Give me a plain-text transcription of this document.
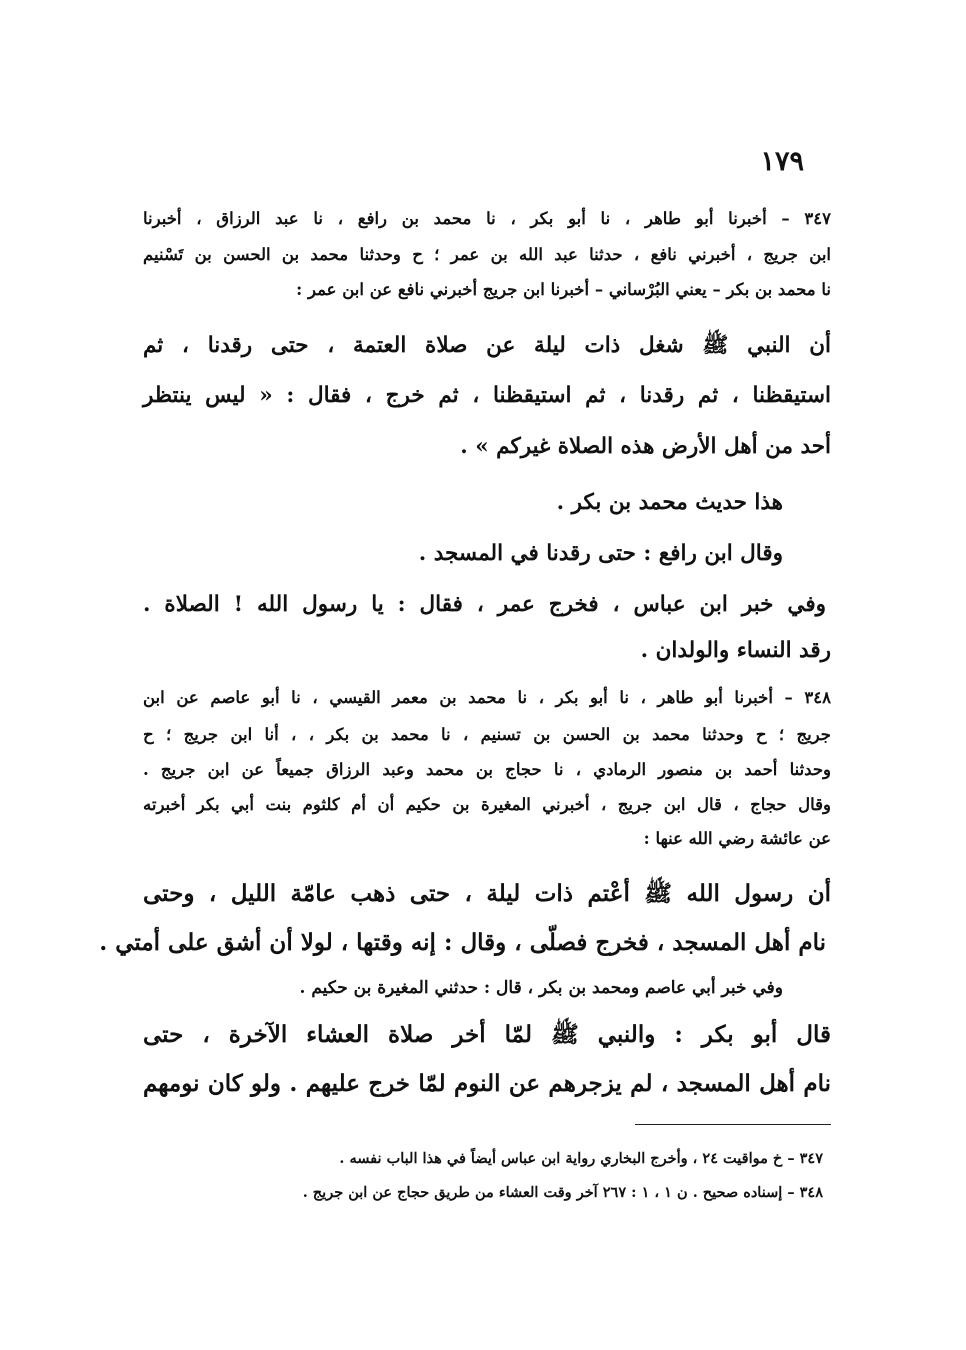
١٧٩
٣٤٧ – أخبرنا أبو طاهر ، نا أبو بكر ، نا محمد بن رافع ، نا عبد الرزاق ، أخبرنا
ابن جريج ، أخبرني نافع ، حدثنا عبد الله بن عمر ؛ ح وحدثنا محمد بن الحسن بن تَسْنيم
نا محمد بن بكر – يعني البُرْساني – أخبرنا ابن جريج أخبرني نافع عن ابن عمر :
أن النبي ﷺ شغل ذات ليلة عن صلاة العتمة ، حتى رقدنا ، ثم
استيقظنا ، ثم رقدنا ، ثم استيقظنا ، ثم خرج ، فقال : « ليس ينتظر
أحد من أهل الأرض هذه الصلاة غيركم » .
هذا حديث محمد بن بكر .
وقال ابن رافع : حتى رقدنا في المسجد .
وفي خبر ابن عباس ، فخرج عمر ، فقال : يا رسول الله ! الصلاة .
رقد النساء والولدان .
٣٤٨ – أخبرنا أبو طاهر ، نا أبو بكر ، نا محمد بن معمر القيسي ، نا أبو عاصم عن ابن
جريج ؛ ح وحدثنا محمد بن الحسن بن تسنيم ، نا محمد بن بكر ، ، أنا ابن جريج ؛ ح
وحدثنا أحمد بن منصور الرمادي ، نا حجاج بن محمد وعبد الرزاق جميعاً عن ابن جريج .
وقال حجاج ، قال ابن جريج ، أخبرني المغيرة بن حكيم أن أم كلثوم بنت أبي بكر أخبرته
عن عائشة رضي الله عنها :
أن رسول الله ﷺ أعْتم ذات ليلة ، حتى ذهب عامّة الليل ، وحتى
نام أهل المسجد ، فخرج فصلّى ، وقال : إنه وقتها ، لولا أن أشق على أمتي .
وفي خبر أبي عاصم ومحمد بن بكر ، قال : حدثني المغيرة بن حكيم .
قال أبو بكر : والنبي ﷺ لمّا أخر صلاة العشاء الآخرة ، حتى
نام أهل المسجد ، لم يزجرهم عن النوم لمّا خرج عليهم . ولو كان نومهم
٣٤٧ – خ مواقيت ٢٤ ، وأخرج البخاري رواية ابن عباس أيضاً في هذا الباب نفسه .
٣٤٨ – إسناده صحيح . ن ١ ، ١ : ٢٦٧ آخر وقت العشاء من طريق حجاج عن ابن جريج .
